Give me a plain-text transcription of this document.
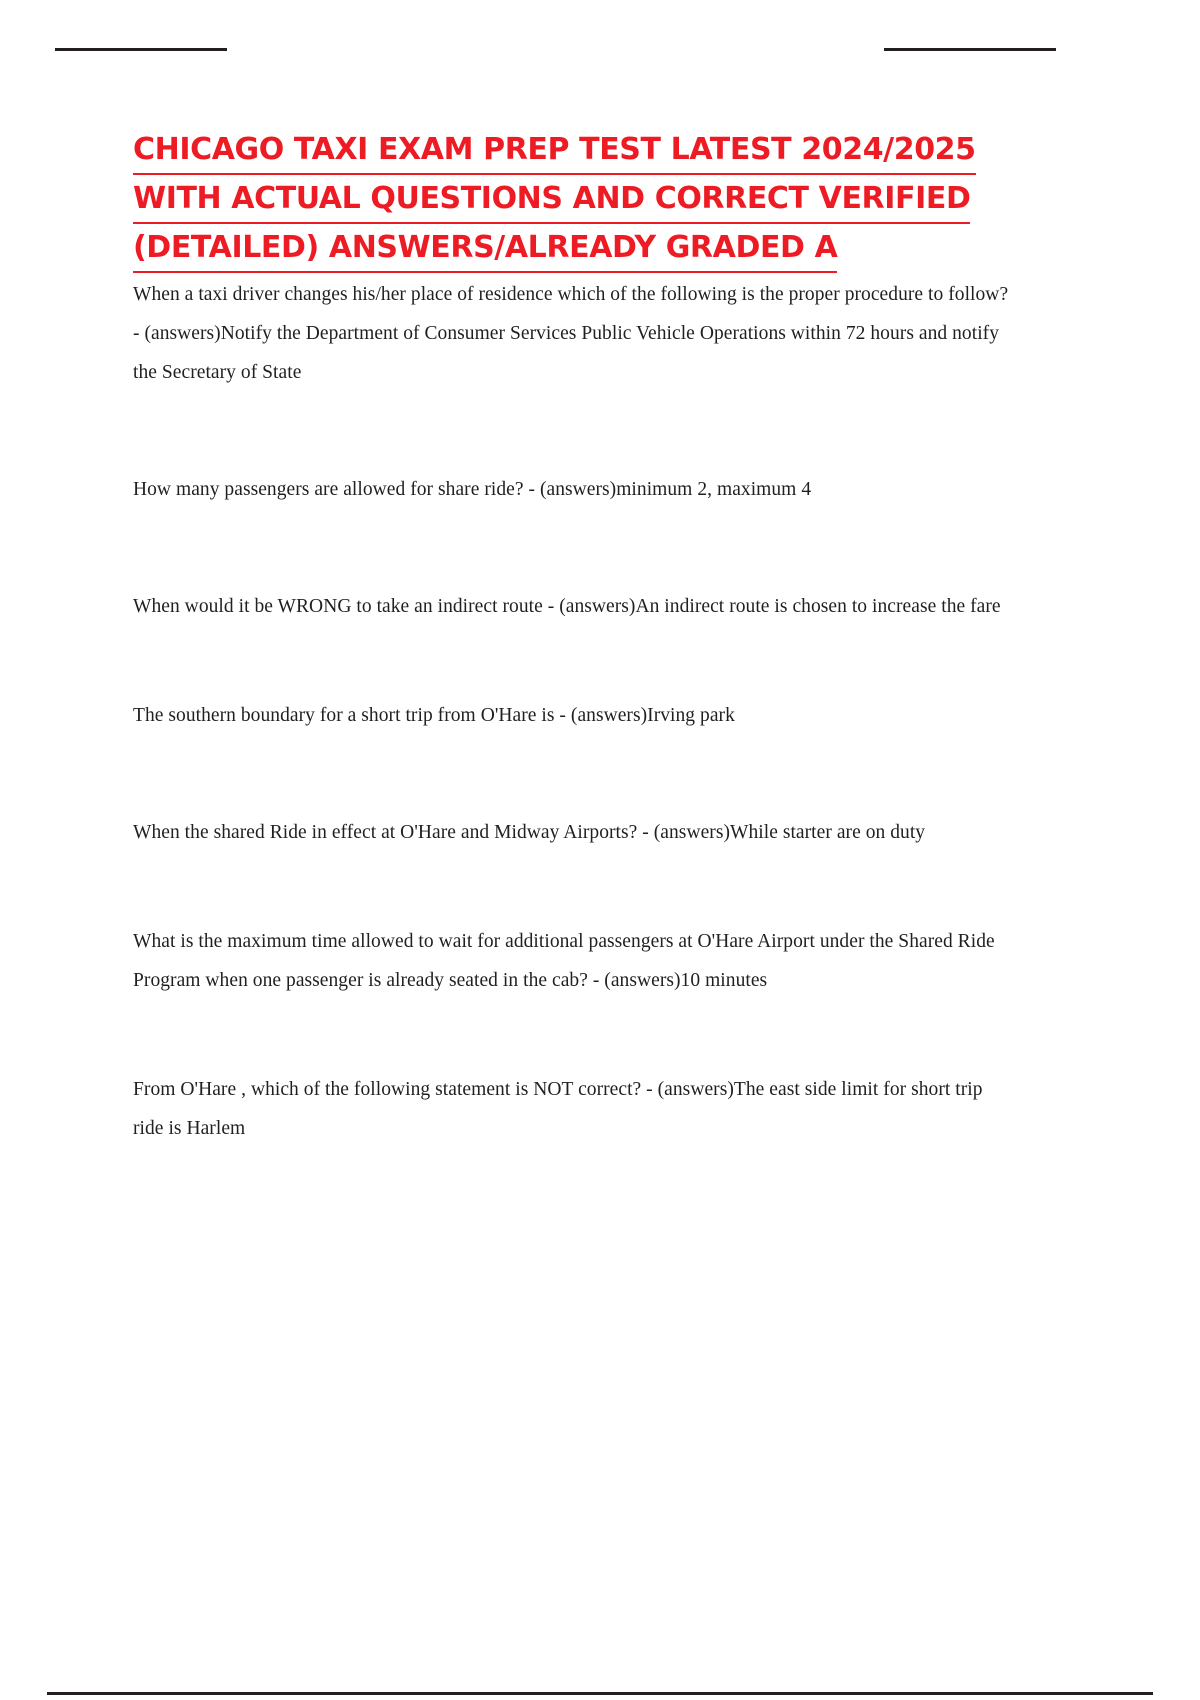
CHICAGO TAXI EXAM PREP TEST LATEST 2024/2025
WITH ACTUAL QUESTIONS AND CORRECT VERIFIED
(DETAILED) ANSWERS/ALREADY GRADED A

When a taxi driver changes his/her place of residence which of the following is the proper procedure to follow? - (answers)Notify the Department of Consumer Services Public Vehicle Operations within 72 hours and notify the Secretary of State

How many passengers are allowed for share ride? - (answers)minimum 2, maximum 4

When would it be WRONG to take an indirect route - (answers)An indirect route is chosen to increase the fare

The southern boundary for a short trip from O'Hare is - (answers)Irving park

When the shared Ride in effect at O'Hare and Midway Airports? - (answers)While starter are on duty

What is the maximum time allowed to wait for additional passengers at O'Hare Airport under the Shared Ride Program when one passenger is already seated in the cab? - (answers)10 minutes

From O'Hare , which of the following statement is NOT correct? - (answers)The east side limit for short trip ride is Harlem
